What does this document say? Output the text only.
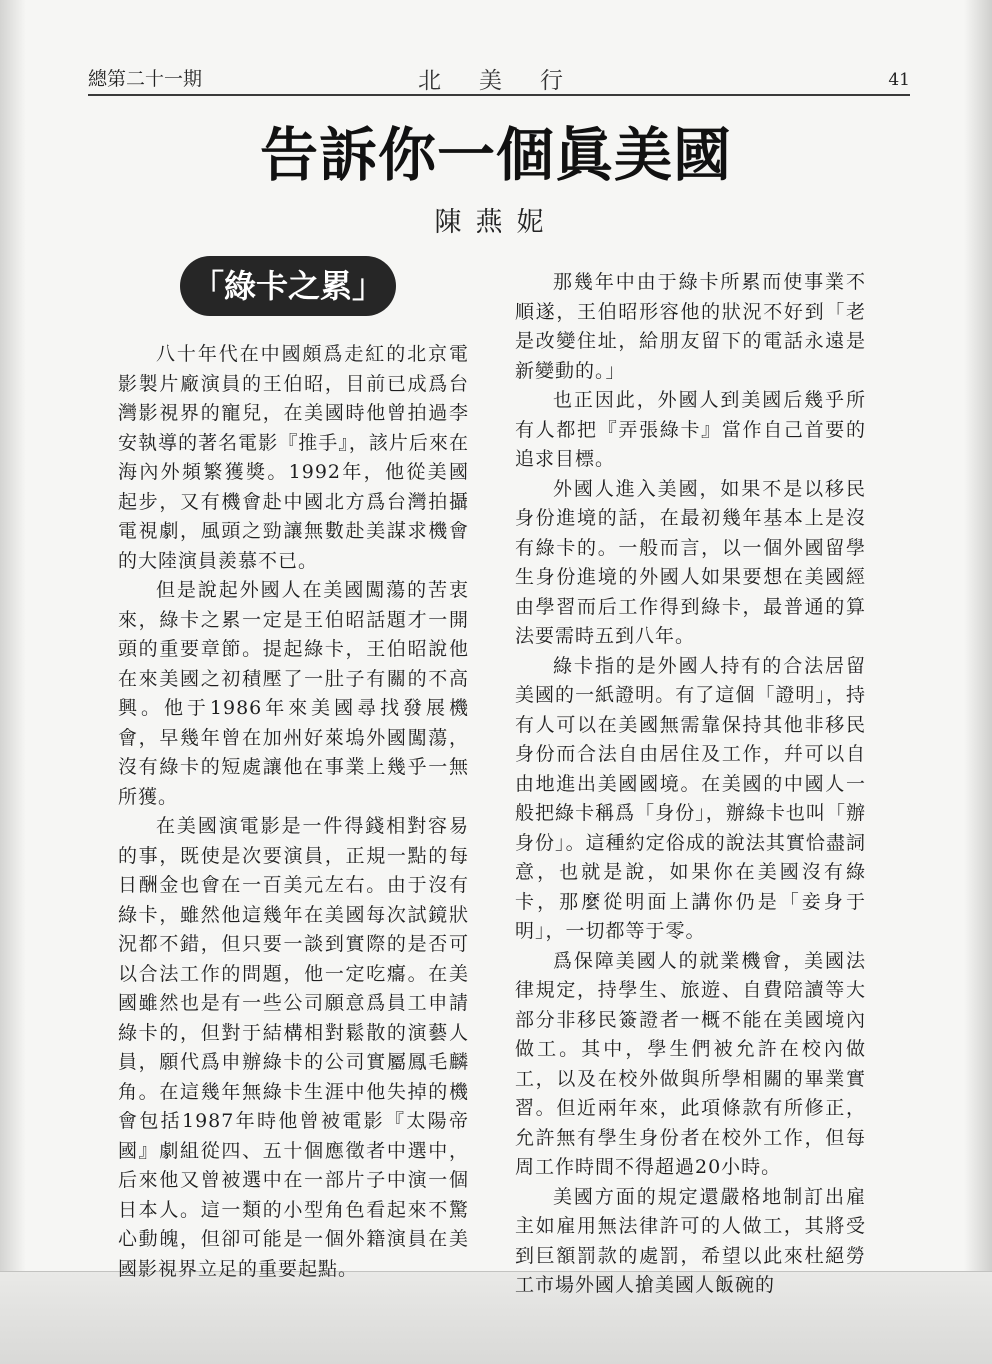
總第二十一期	北美行	41
告訴你一個眞美國
陳燕妮
「綠卡之累」

八十年代在中國頗爲走紅的北京電影製片廠演員的王伯昭，目前已成爲台灣影視界的寵兒，在美國時他曾拍過李安執導的著名電影『推手』，該片后來在海內外頻繁獲獎。1992年，他從美國起步，又有機會赴中國北方爲台灣拍攝電視劇，風頭之勁讓無數赴美謀求機會的大陸演員羨慕不已。

但是說起外國人在美國闖蕩的苦衷來，綠卡之累一定是王伯昭話題才一開頭的重要章節。提起綠卡，王伯昭說他在來美國之初積壓了一肚子有關的不高興。他于1986年來美國尋找發展機會，早幾年曾在加州好萊塢外國闖蕩，沒有綠卡的短處讓他在事業上幾乎一無所獲。

在美國演電影是一件得錢相對容易的事，既使是次要演員，正規一點的每日酬金也會在一百美元左右。由于沒有綠卡，雖然他這幾年在美國每次試鏡狀況都不錯，但只要一談到實際的是否可以合法工作的問題，他一定吃癟。在美國雖然也是有一些公司願意爲員工申請綠卡的，但對于結構相對鬆散的演藝人員，願代爲申辦綠卡的公司實屬鳳毛麟角。在這幾年無綠卡生涯中他失掉的機會包括1987年時他曾被電影『太陽帝國』劇組從四、五十個應徵者中選中，后來他又曾被選中在一部片子中演一個日本人。這一類的小型角色看起來不驚心動魄，但卻可能是一個外籍演員在美國影視界立足的重要起點。

那幾年中由于綠卡所累而使事業不順遂，王伯昭形容他的狀況不好到「老是改變住址，給朋友留下的電話永遠是新變動的。」

也正因此，外國人到美國后幾乎所有人都把『弄張綠卡』當作自己首要的追求目標。

外國人進入美國，如果不是以移民身份進境的話，在最初幾年基本上是沒有綠卡的。一般而言，以一個外國留學生身份進境的外國人如果要想在美國經由學習而后工作得到綠卡，最普通的算法要需時五到八年。

綠卡指的是外國人持有的合法居留美國的一紙證明。有了這個「證明」，持有人可以在美國無需靠保持其他非移民身份而合法自由居住及工作，幷可以自由地進出美國國境。在美國的中國人一般把綠卡稱爲「身份」，辦綠卡也叫「辦身份」。這種約定俗成的說法其實恰盡詞意，也就是說，如果你在美國沒有綠卡，那麼從明面上講你仍是「妾身于明」，一切都等于零。

爲保障美國人的就業機會，美國法律規定，持學生、旅遊、自費陪讀等大部分非移民簽證者一概不能在美國境內做工。其中，學生們被允許在校內做工，以及在校外做與所學相關的畢業實習。但近兩年來，此項條款有所修正，允許無有學生身份者在校外工作，但每周工作時間不得超過20小時。

美國方面的規定還嚴格地制訂出雇主如雇用無法律許可的人做工，其將受到巨額罰款的處罰，希望以此來杜絕勞工市場外國人搶美國人飯碗的
